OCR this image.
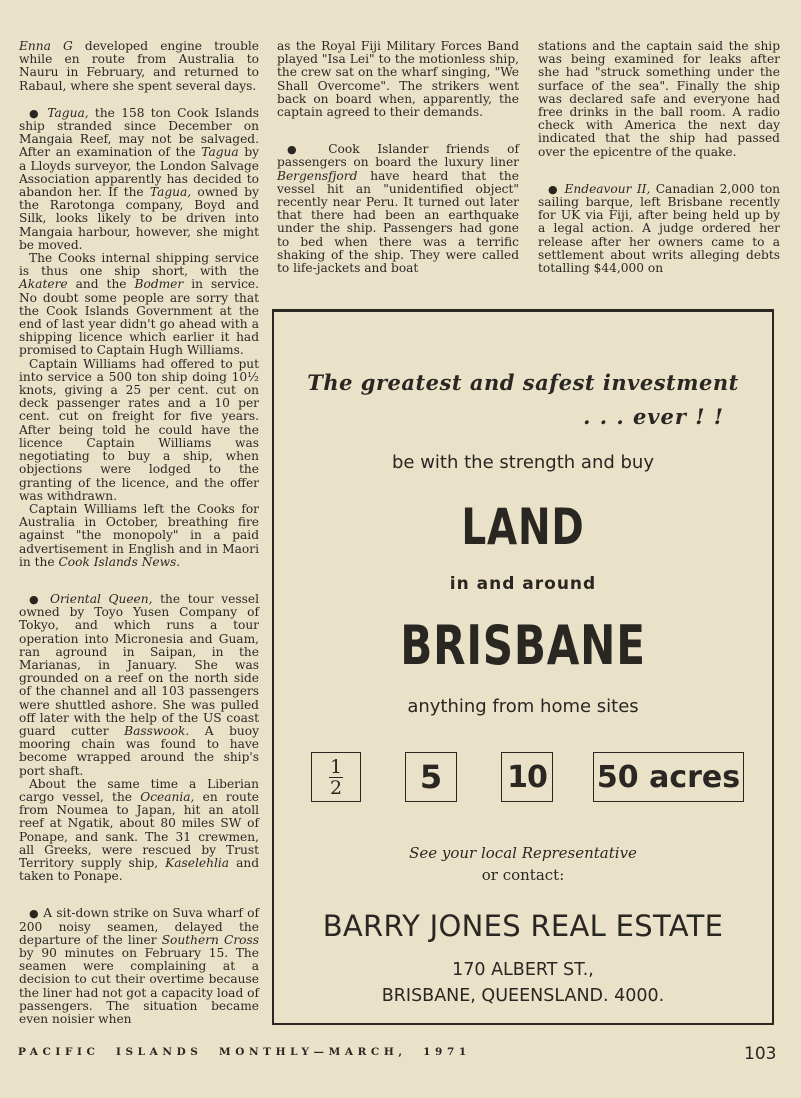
Enna G developed engine trouble while en route from Australia to Nauru in February, and returned to Rabaul, where she spent several days.

● Tagua, the 158 ton Cook Islands ship stranded since December on Mangaia Reef, may not be salvaged. After an examination of the Tagua by a Lloyds surveyor, the London Salvage Association apparently has decided to abandon her. If the Tagua, owned by the Rarotonga company, Boyd and Silk, looks likely to be driven into Mangaia harbour, however, she might be moved.

The Cooks internal shipping service is thus one ship short, with the Akatere and the Bodmer in service. No doubt some people are sorry that the Cook Islands Government at the end of last year didn't go ahead with a shipping licence which earlier it had promised to Captain Hugh Williams.

Captain Williams had offered to put into service a 500 ton ship doing 10½ knots, giving a 25 per cent. cut on deck passenger rates and a 10 per cent. cut on freight for five years. After being told he could have the licence Captain Williams was negotiating to buy a ship, when objections were lodged to the granting of the licence, and the offer was withdrawn.

Captain Williams left the Cooks for Australia in October, breathing fire against "the monopoly" in a paid advertisement in English and in Maori in the Cook Islands News.

● Oriental Queen, the tour vessel owned by Toyo Yusen Company of Tokyo, and which runs a tour operation into Micronesia and Guam, ran aground in Saipan, in the Marianas, in January. She was grounded on a reef on the north side of the channel and all 103 passengers were shuttled ashore. She was pulled off later with the help of the US coast guard cutter Basswook. A buoy mooring chain was found to have become wrapped around the ship's port shaft.

About the same time a Liberian cargo vessel, the Oceania, en route from Noumea to Japan, hit an atoll reef at Ngatik, about 80 miles SW of Ponape, and sank. The 31 crewmen, all Greeks, were rescued by Trust Territory supply ship, Kaselehlia and taken to Ponape.

● A sit-down strike on Suva wharf of 200 noisy seamen, delayed the departure of the liner Southern Cross by 90 minutes on February 15. The seamen were complaining at a decision to cut their overtime because the liner had not got a capacity load of passengers. The situation became even noisier when

as the Royal Fiji Military Forces Band played "Isa Lei" to the motionless ship, the crew sat on the wharf singing, "We Shall Overcome". The strikers went back on board when, apparently, the captain agreed to their demands.

● Cook Islander friends of passengers on board the luxury liner Bergensfjord have heard that the vessel hit an "unidentified object" recently near Peru. It turned out later that there had been an earthquake under the ship. Passengers had gone to bed when there was a terrific shaking of the ship. They were called to life-jackets and boat

stations and the captain said the ship was being examined for leaks after she had "struck something under the surface of the sea". Finally the ship was declared safe and everyone had free drinks in the ball room. A radio check with America the next day indicated that the ship had passed over the epicentre of the quake.

● Endeavour II, Canadian 2,000 ton sailing barque, left Brisbane recently for UK via Fiji, after being held up by a legal action. A judge ordered her release after her owners came to a settlement about writs alleging debts totalling $44,000 on

The greatest and safest investment
. . . ever ! !
be with the strength and buy
LAND
in and around
BRISBANE
anything from home sites
$\frac{1}{2} 5$ 10 50 acres
See your local Representative
or contact:
BARRY JONES REAL ESTATE
170 ALBERT ST.,
BRISBANE, QUEENSLAND. 4000.
PACIFIC  ISLANDS  MONTHLY—MARCH,  1971	103
